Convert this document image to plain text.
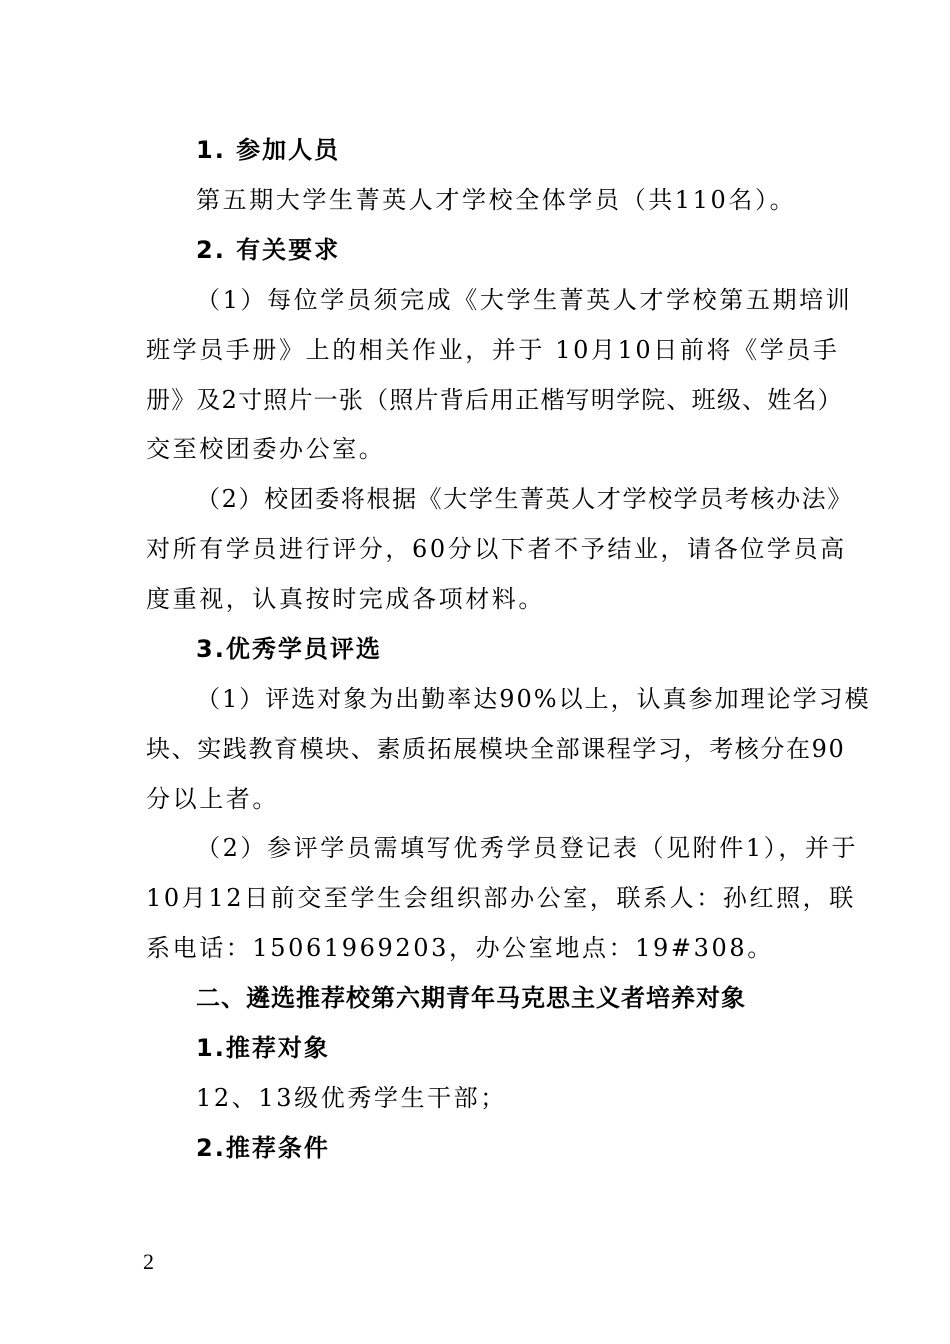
1. 参加人员
第五期大学生菁英人才学校全体学员（共110名）。
2. 有关要求
（1）每位学员须完成《大学生菁英人才学校第五期培训
班学员手册》上的相关作业，并于 10月10日前将《学员手
册》及2寸照片一张（照片背后用正楷写明学院、班级、姓名）
交至校团委办公室。
（2）校团委将根据《大学生菁英人才学校学员考核办法》
对所有学员进行评分，60分以下者不予结业，请各位学员高
度重视，认真按时完成各项材料。
3.优秀学员评选
（1）评选对象为出勤率达90%以上，认真参加理论学习模
块、实践教育模块、素质拓展模块全部课程学习，考核分在90
分以上者。
（2）参评学员需填写优秀学员登记表（见附件1），并于
10月12日前交至学生会组织部办公室，联系人：孙红照，联
系电话：15061969203，办公室地点：19#308。
二、遴选推荐校第六期青年马克思主义者培养对象
1.推荐对象
12、13级优秀学生干部；
2.推荐条件
2
